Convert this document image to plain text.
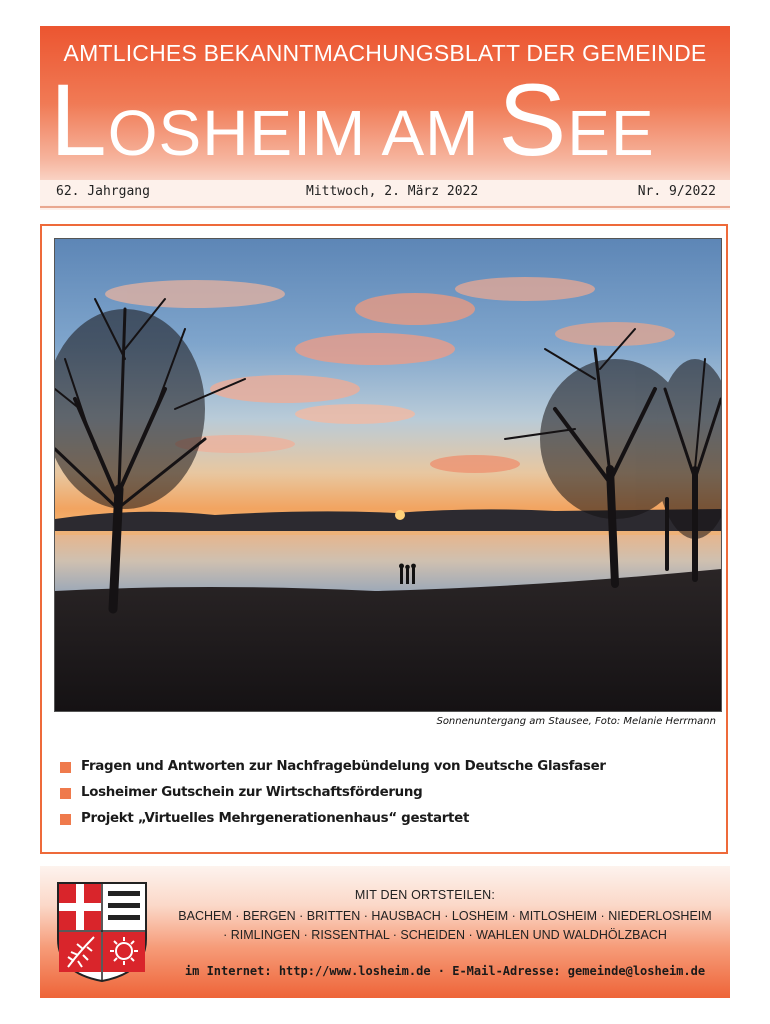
AMTLICHES BEKANNTMACHUNGSBLATT DER GEMEINDE
LOSHEIM AM SEE
62. Jahrgang	Mittwoch, 2. März 2022	Nr. 9/2022
Sonnenuntergang am Stausee, Foto: Melanie Herrmann
Fragen und Antworten zur Nachfragebündelung von Deutsche Glasfaser
Losheimer Gutschein zur Wirtschaftsförderung
Projekt „Virtuelles Mehrgenerationenhaus“ gestartet
MIT DEN ORTSTEILEN:
BACHEM · BERGEN · BRITTEN · HAUSBACH · LOSHEIM · MITLOSHEIM · NIEDERLOSHEIM
· RIMLINGEN · RISSENTHAL · SCHEIDEN · WAHLEN UND WALDHÖLZBACH
im Internet: http://www.losheim.de · E-Mail-Adresse: gemeinde@losheim.de
